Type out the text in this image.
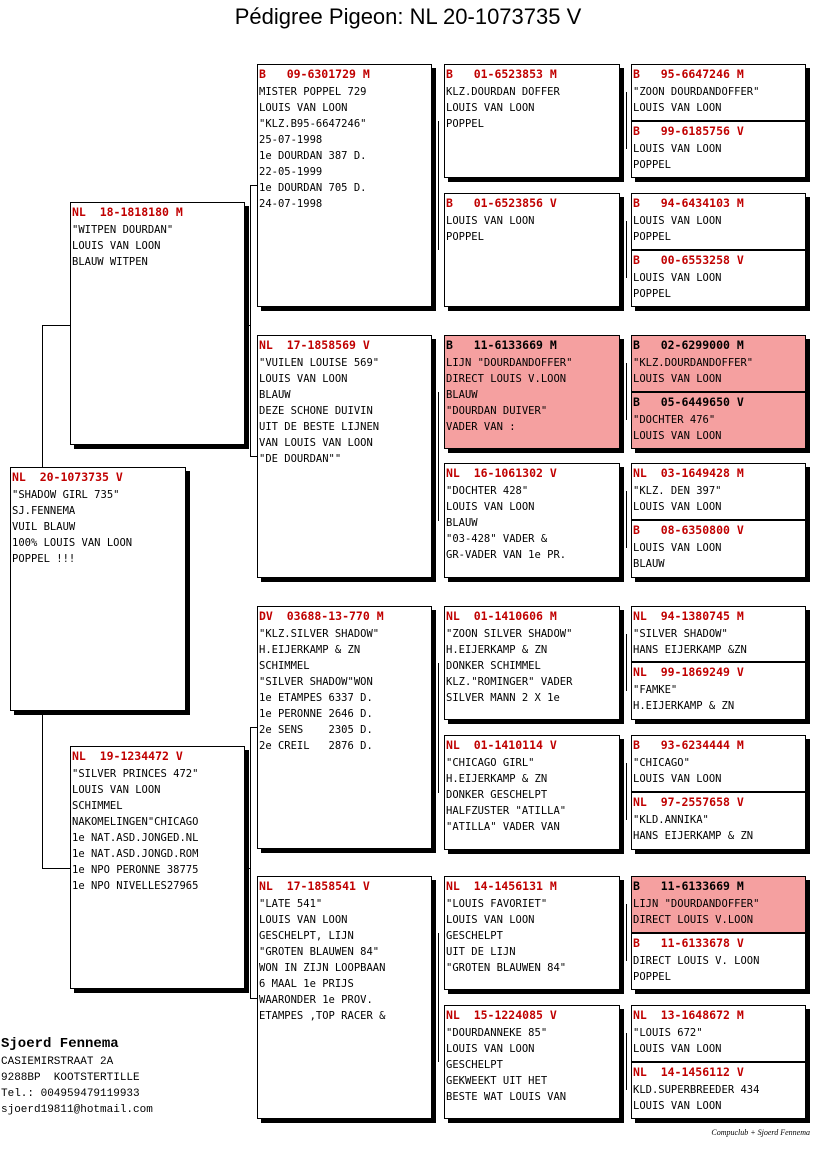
Pédigree Pigeon: NL 20-1073735 V
NL  20-1073735 V
"SHADOW GIRL 735"
SJ.FENNEMA
VUIL BLAUW
100% LOUIS VAN LOON
POPPEL !!!
NL  18-1818180 M
"WITPEN DOURDAN"
LOUIS VAN LOON
BLAUW WITPEN
NL  19-1234472 V
"SILVER PRINCES 472"
LOUIS VAN LOON
SCHIMMEL
NAKOMELINGEN"CHICAGO
1e NAT.ASD.JONGED.NL
1e NAT.ASD.JONGD.ROM
1e NPO PERONNE 38775
1e NPO NIVELLES27965
B   09-6301729 M
MISTER POPPEL 729
LOUIS VAN LOON
"KLZ.B95-6647246"
25-07-1998
1e DOURDAN 387 D.
22-05-1999
1e DOURDAN 705 D.
24-07-1998
NL  17-1858569 V
"VUILEN LOUISE 569"
LOUIS VAN LOON
BLAUW
DEZE SCHONE DUIVIN
UIT DE BESTE LIJNEN
VAN LOUIS VAN LOON
"DE DOURDAN""
DV  03688-13-770 M
"KLZ.SILVER SHADOW"
H.EIJERKAMP & ZN
SCHIMMEL
"SILVER SHADOW"WON
1e ETAMPES 6337 D.
1e PERONNE 2646 D.
2e SENS    2305 D.
2e CREIL   2876 D.
NL  17-1858541 V
"LATE 541"
LOUIS VAN LOON
GESCHELPT, LIJN
"GROTEN BLAUWEN 84"
WON IN ZIJN LOOPBAAN
6 MAAL 1e PRIJS
WAARONDER 1e PROV.
ETAMPES ,TOP RACER &
B   01-6523853 M
KLZ.DOURDAN DOFFER
LOUIS VAN LOON
POPPEL
B   01-6523856 V
LOUIS VAN LOON
POPPEL
B   11-6133669 M
LIJN "DOURDANDOFFER"
DIRECT LOUIS V.LOON
BLAUW
"DOURDAN DUIVER"
VADER VAN :
NL  16-1061302 V
"DOCHTER 428"
LOUIS VAN LOON
BLAUW
"03-428" VADER &
GR-VADER VAN 1e PR.
NL  01-1410606 M
"ZOON SILVER SHADOW"
H.EIJERKAMP & ZN
DONKER SCHIMMEL
KLZ."ROMINGER" VADER
SILVER MANN 2 X 1e
NL  01-1410114 V
"CHICAGO GIRL"
H.EIJERKAMP & ZN
DONKER GESCHELPT
HALFZUSTER "ATILLA"
"ATILLA" VADER VAN
NL  14-1456131 M
"LOUIS FAVORIET"
LOUIS VAN LOON
GESCHELPT
UIT DE LIJN
"GROTEN BLAUWEN 84"
NL  15-1224085 V
"DOURDANNEKE 85"
LOUIS VAN LOON
GESCHELPT
GEKWEEKT UIT HET
BESTE WAT LOUIS VAN
B   95-6647246 M
"ZOON DOURDANDOFFER"
LOUIS VAN LOON
B   99-6185756 V
LOUIS VAN LOON
POPPEL
B   94-6434103 M
LOUIS VAN LOON
POPPEL
B   00-6553258 V
LOUIS VAN LOON
POPPEL
B   02-6299000 M
"KLZ.DOURDANDOFFER"
LOUIS VAN LOON
B   05-6449650 V
"DOCHTER 476"
LOUIS VAN LOON
NL  03-1649428 M
"KLZ. DEN 397"
LOUIS VAN LOON
B   08-6350800 V
LOUIS VAN LOON
BLAUW
NL  94-1380745 M
"SILVER SHADOW"
HANS EIJERKAMP &ZN
NL  99-1869249 V
"FAMKE"
H.EIJERKAMP & ZN
B   93-6234444 M
"CHICAGO"
LOUIS VAN LOON
NL  97-2557658 V
"KLD.ANNIKA"
HANS EIJERKAMP & ZN
B   11-6133669 M
LIJN "DOURDANDOFFER"
DIRECT LOUIS V.LOON
B   11-6133678 V
DIRECT LOUIS V. LOON
POPPEL
NL  13-1648672 M
"LOUIS 672"
LOUIS VAN LOON
NL  14-1456112 V
KLD.SUPERBREEDER 434
LOUIS VAN LOON
Sjoerd Fennema
CASIEMIRSTRAAT 2A
9288BP  KOOTSTERTILLE
Tel.: 004959479119933
sjoerd19811@hotmail.com
Compuclub + Sjoerd Fennema
